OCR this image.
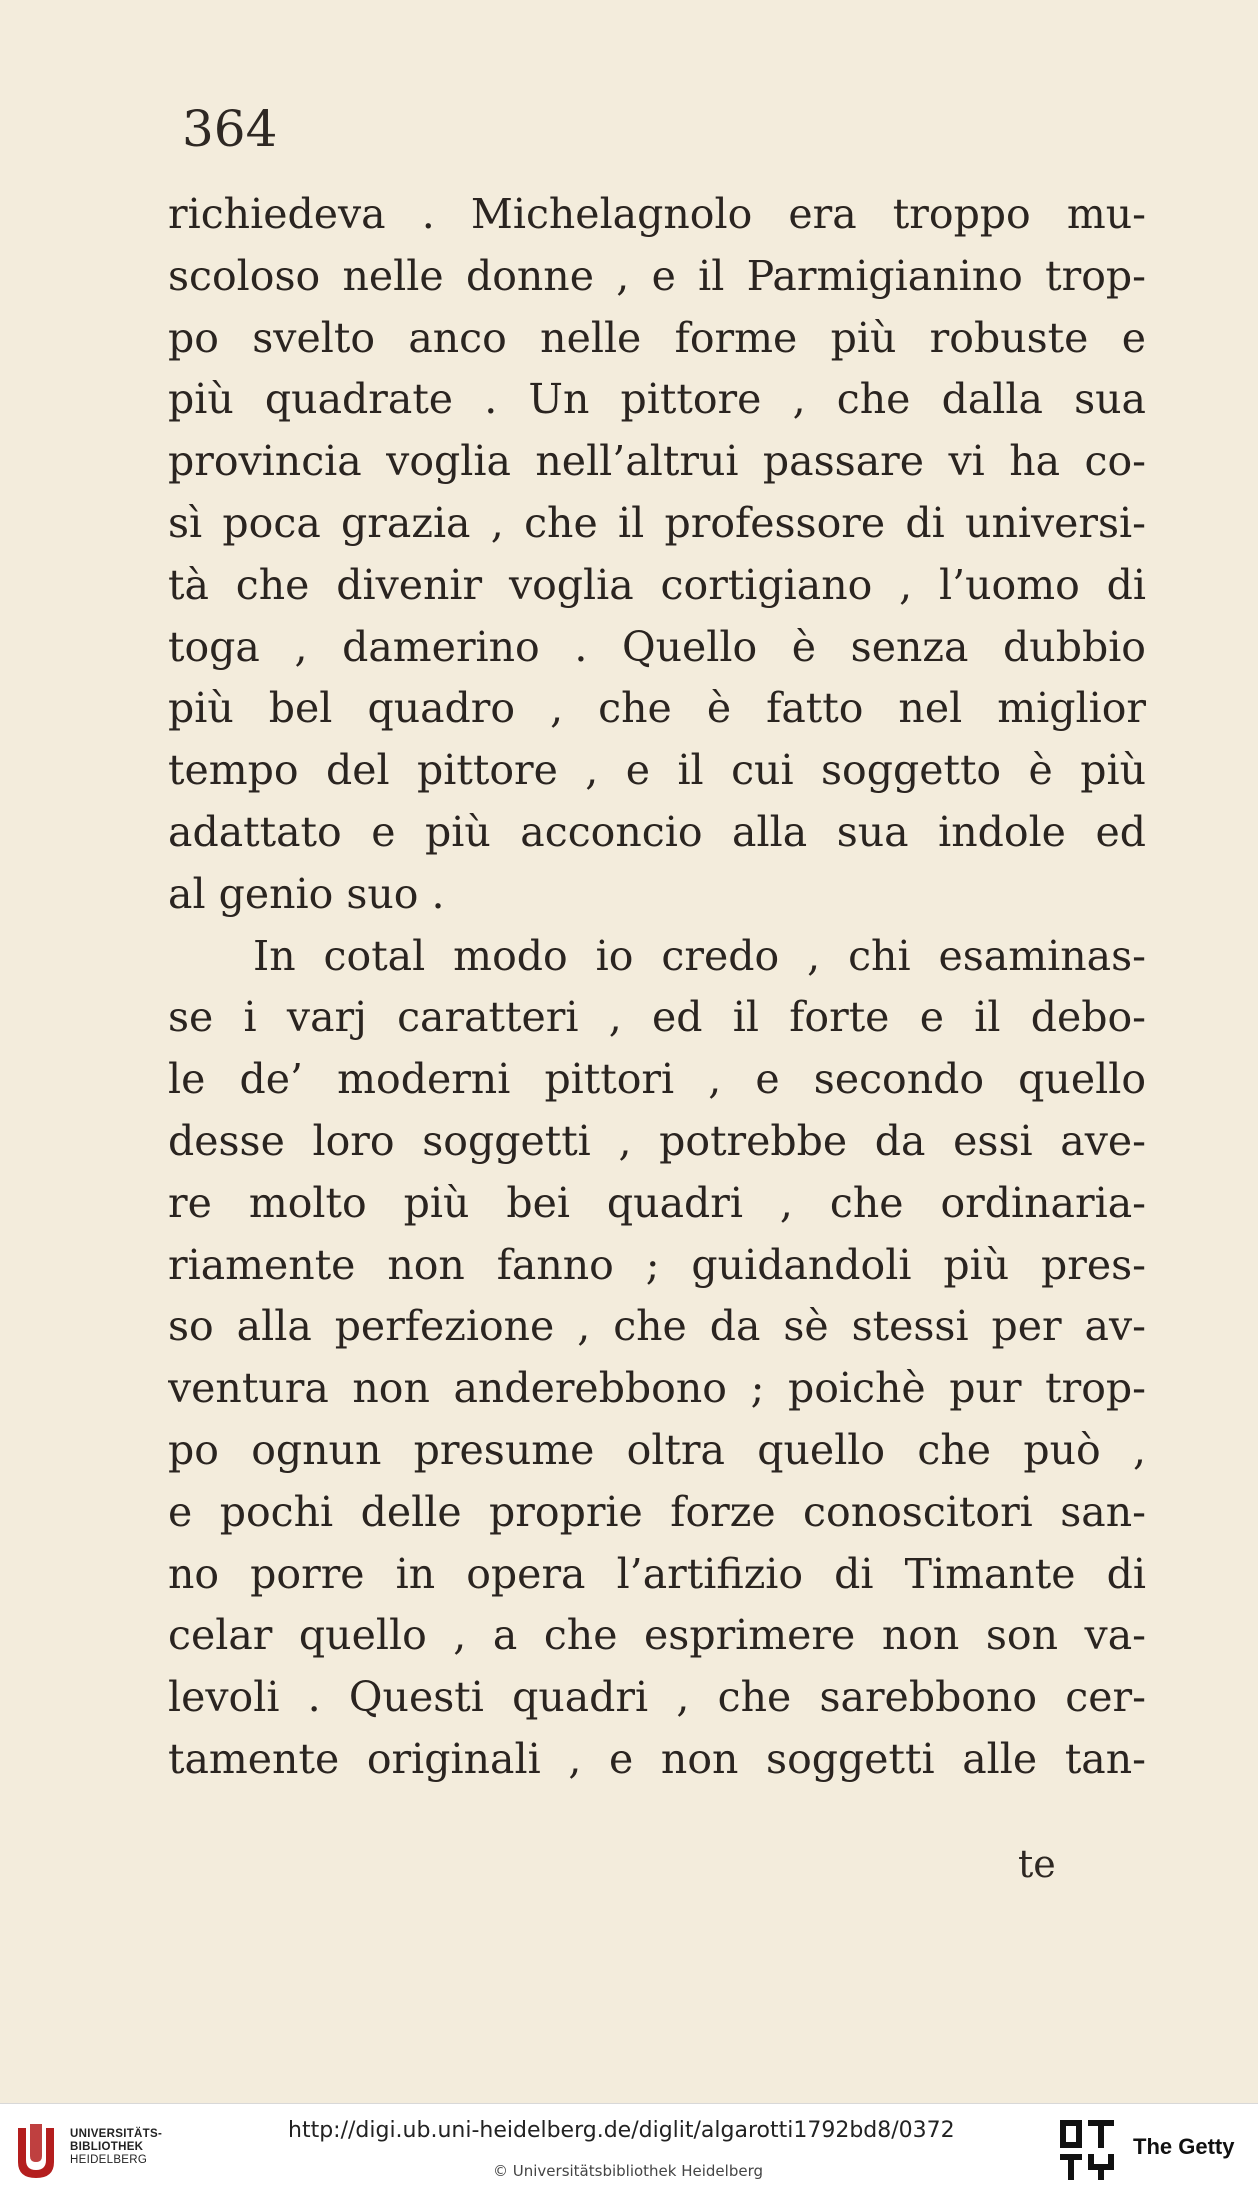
364
richiedeva . Michelagnolo era troppo mu-
scoloso nelle donne , e il Parmigianino trop-
po svelto anco nelle forme più robuste e
più quadrate . Un pittore , che dalla sua
provincia voglia nell’altrui passare vi ha co-
sì poca grazia , che il professore di universi-
tà che divenir voglia cortigiano , l’uomo di
toga , damerino . Quello è senza dubbio
più bel quadro , che è fatto nel miglior
tempo del pittore , e il cui soggetto è più
adattato e più acconcio alla sua indole ed
al genio suo .
In cotal modo io credo , chi esaminas-
se i varj caratteri , ed il forte e il debo-
le de’ moderni pittori , e secondo quello
desse loro soggetti , potrebbe da essi ave-
re molto più bei quadri , che ordinaria-
riamente non fanno ; guidandoli più pres-
so alla perfezione , che da sè stessi per av-
ventura non anderebbono ; poichè pur trop-
po ognun presume oltra quello che può ,
e pochi delle proprie forze conoscitori san-
no porre in opera l’artifizio di Timante di
celar quello , a che esprimere non son va-
levoli . Questi quadri , che sarebbono cer-
tamente originali , e non soggetti alle tan-
te
UNIVERSITÄTS-
BIBLIOTHEK
HEIDELBERG
http://digi.ub.uni-heidelberg.de/diglit/algarotti1792bd8/0372
© Universitätsbibliothek Heidelberg
The Getty
